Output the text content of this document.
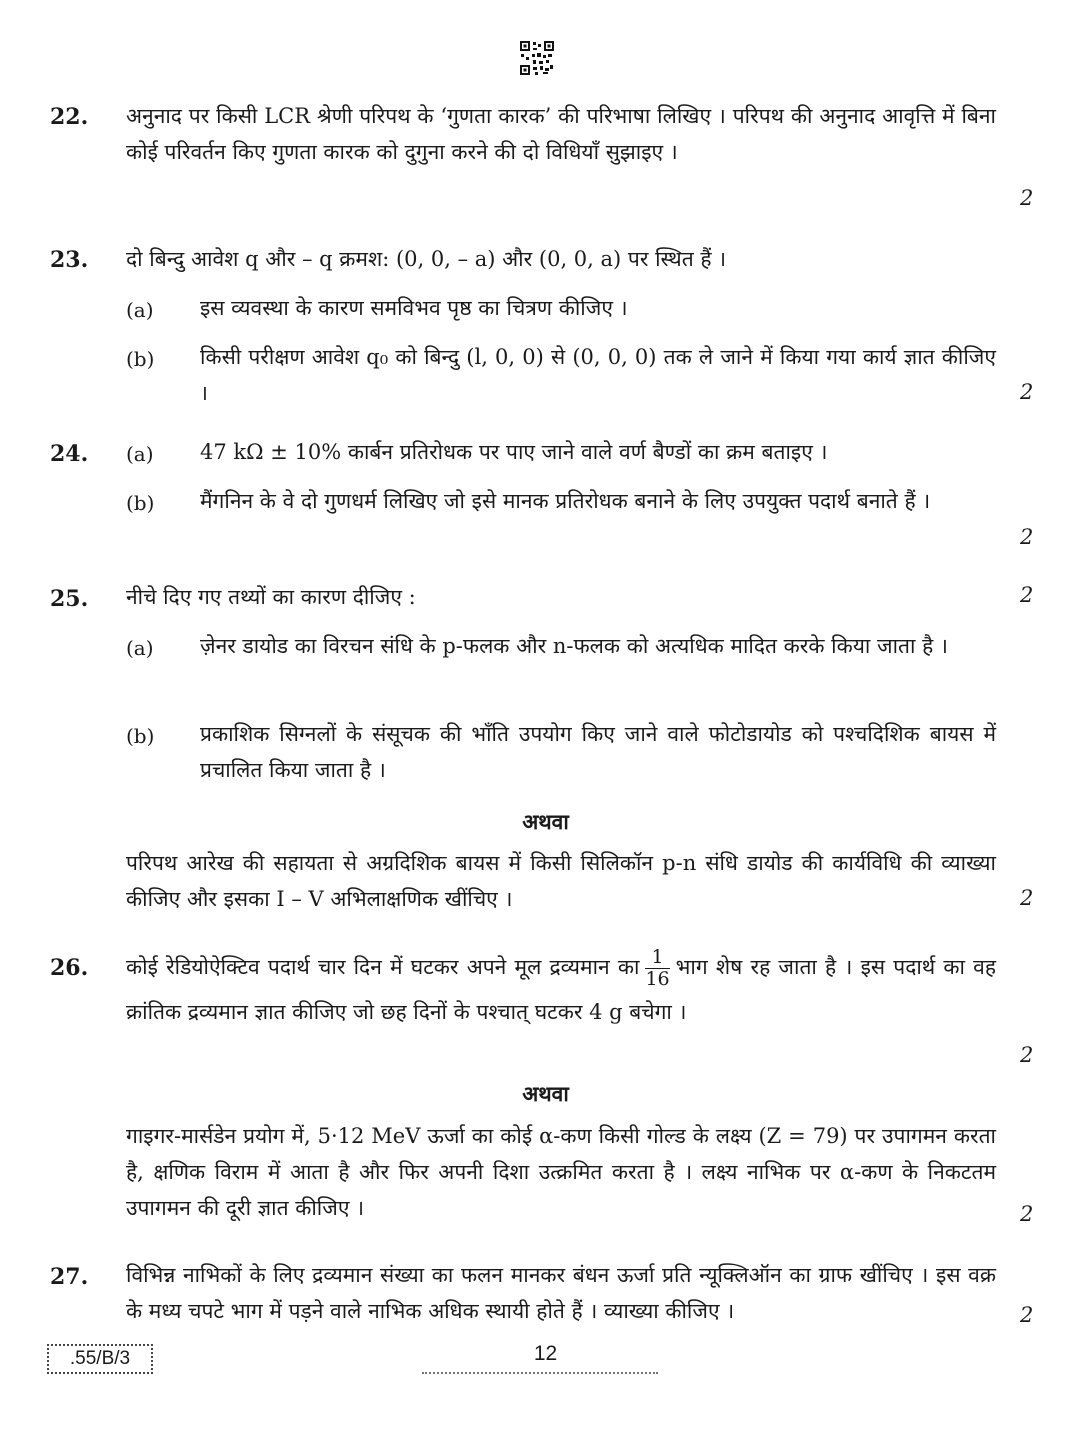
22. अनुनाद पर किसी LCR श्रेणी परिपथ के ‘गुणता कारक’ की परिभाषा लिखिए । परिपथ की अनुनाद आवृत्ति में बिना कोई परिवर्तन किए गुणता कारक को दुगुना करने की दो विधियाँ सुझाइए ।
2
23. दो बिन्दु आवेश q और – q क्रमश: (0, 0, – a) और (0, 0, a) पर स्थित हैं ।
(a) इस व्यवस्था के कारण समविभव पृष्ठ का चित्रण कीजिए ।
(b) किसी परीक्षण आवेश q₀ को बिन्दु (l, 0, 0) से (0, 0, 0) तक ले जाने में किया गया कार्य ज्ञात कीजिए ।	2
24. (a) 47 kΩ ± 10% कार्बन प्रतिरोधक पर पाए जाने वाले वर्ण बैण्डों का क्रम बताइए ।
(b) मैंगनिन के वे दो गुणधर्म लिखिए जो इसे मानक प्रतिरोधक बनाने के लिए उपयुक्त पदार्थ बनाते हैं ।
2
25. नीचे दिए गए तथ्यों का कारण दीजिए :	2
(a) ज़ेनर डायोड का विरचन संधि के p-फलक और n-फलक को अत्यधिक मादित करके किया जाता है ।
(b) प्रकाशिक सिग्नलों के संसूचक की भाँति उपयोग किए जाने वाले फोटोडायोड को पश्चदिशिक बायस में प्रचालित किया जाता है ।
अथवा
परिपथ आरेख की सहायता से अग्रदिशिक बायस में किसी सिलिकॉन p-n संधि डायोड की कार्यविधि की व्याख्या कीजिए और इसका I – V अभिलाक्षणिक खींचिए ।	2
26. कोई रेडियोऐक्टिव पदार्थ चार दिन में घटकर अपने मूल द्रव्यमान का $\frac{1}{16}$ भाग शेष रह जाता है । इस पदार्थ का वह क्रांतिक द्रव्यमान ज्ञात कीजिए जो छह दिनों के पश्चात् घटकर 4 g बचेगा ।
2
अथवा
गाइगर-मार्सडेन प्रयोग में, 5·12 MeV ऊर्जा का कोई α-कण किसी गोल्ड के लक्ष्य (Z = 79) पर उपागमन करता है, क्षणिक विराम में आता है और फिर अपनी दिशा उत्क्रमित करता है । लक्ष्य नाभिक पर α-कण के निकटतम उपागमन की दूरी ज्ञात कीजिए ।	2
27. विभिन्न नाभिकों के लिए द्रव्यमान संख्या का फलन मानकर बंधन ऊर्जा प्रति न्यूक्लिऑन का ग्राफ खींचिए । इस वक्र के मध्य चपटे भाग में पड़ने वाले नाभिक अधिक स्थायी होते हैं । व्याख्या कीजिए ।	2
.55/B/3	12
